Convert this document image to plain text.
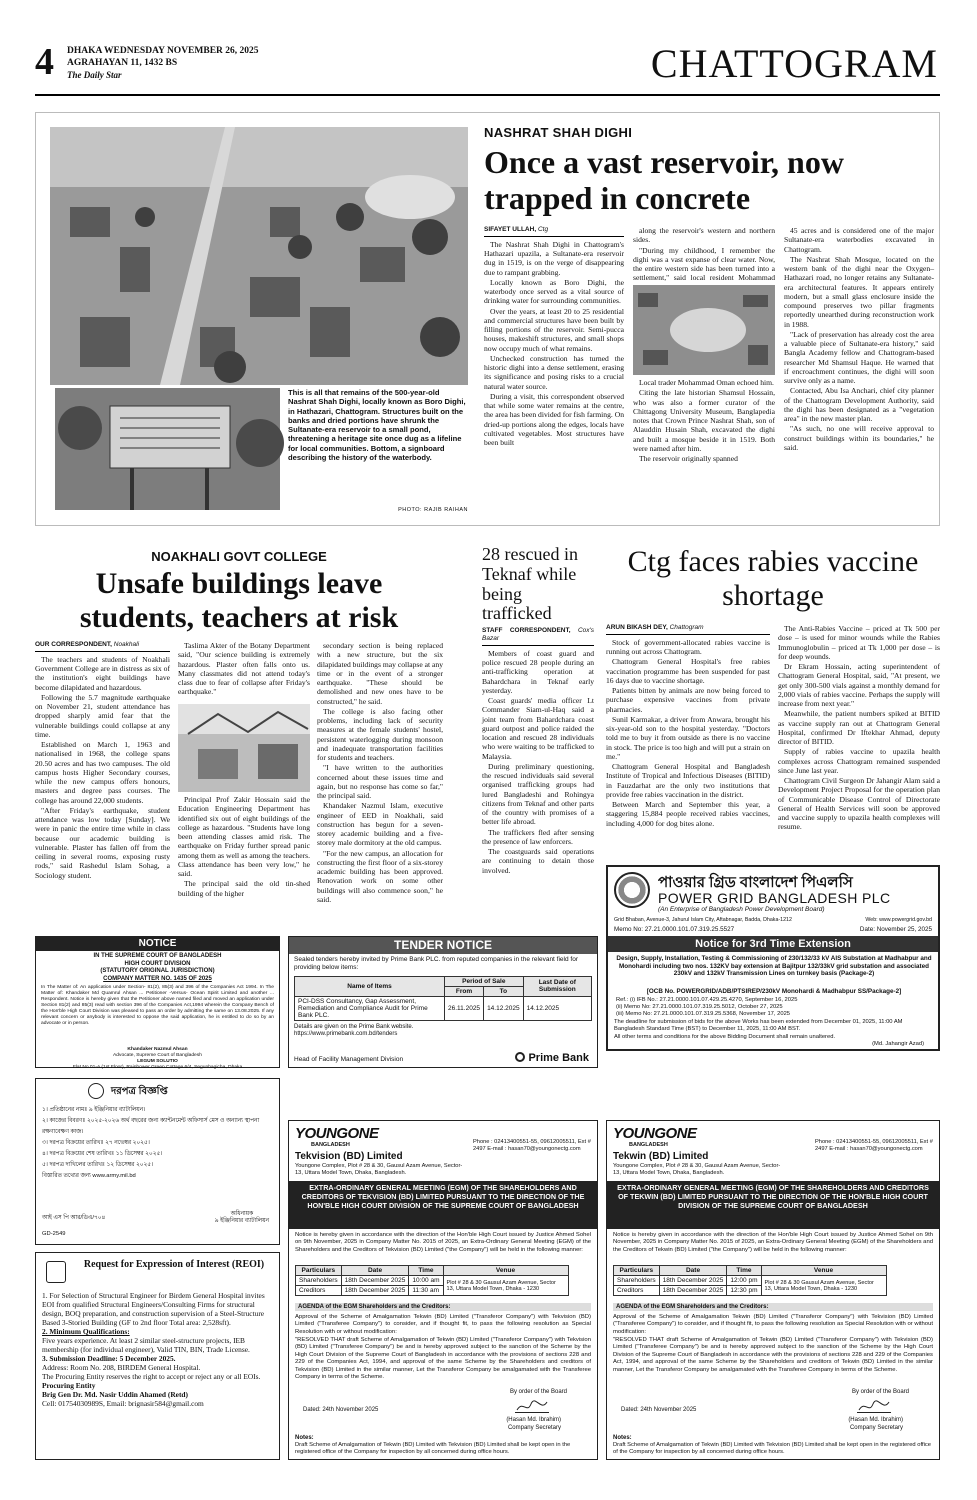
4 DHAKA WEDNESDAY NOVEMBER 26, 2025
AGRAHAYAN 11, 1432 BS
The Daily Star	CHATTOGRAM
This is all that remains of the 500-year-old Nashrat Shah Dighi, locally known as Boro Dighi, in Hathazari, Chattogram. Structures built on the banks and dried portions have shrunk the Sultanate-era reservoir to a small pond, threatening a heritage site once dug as a lifeline for local communities. Bottom, a signboard describing the history of the waterbody.
PHOTO: RAJIB RAIHAN
NASHRAT SHAH DIGHI
Once a vast reservoir, now trapped in concrete
SIFAYET ULLAH, Ctg

The Nashrat Shah Dighi in Chattogram's Hathazari upazila, a Sultanate-era reservoir dug in 1519, is on the verge of disappearing due to rampant grabbing.

Locally known as Boro Dighi, the waterbody once served as a vital source of drinking water for surrounding communities.

Over the years, at least 20 to 25 residential and commercial structures have been built by filling portions of the reservoir. Semi-pucca houses, makeshift structures, and small shops now occupy much of what remains.

Unchecked construction has turned the historic dighi into a dense settlement, erasing its significance and posing risks to a crucial natural water source.

During a visit, this correspondent observed that while some water remains at the centre, the area has been divided for fish farming. On dried-up portions along the edges, locals have cultivated vegetables. Most structures have been built

along the reservoir's western and northern sides.

"During my childhood, I remember the dighi was a vast expanse of clear water. Now, the entire western side has been turned into a settlement," said local resident Mohammad

Local trader Mohammad Oman echoed him.

Citing the late historian Shamsul Hossain, who was also a former curator of the Chittagong University Museum, Banglapedia notes that Crown Prince Nashrat Shah, son of Alauddin Husain Shah, excavated the dighi and built a mosque beside it in 1519. Both were named after him.

The reservoir originally spanned

45 acres and is considered one of the major Sultanate-era waterbodies excavated in Chattogram.

The Nashrat Shah Mosque, located on the western bank of the dighi near the Oxygen–Hathazari road, no longer retains any Sultanate-era architectural features. It appears entirely modern, but a small glass enclosure inside the compound preserves two pillar fragments reportedly unearthed during reconstruction work in 1988.

"Lack of preservation has already cost the area a valuable piece of Sultanate-era history," said Bangla Academy fellow and Chattogram-based researcher Md Shamsul Haque. He warned that if encroachment continues, the dighi will soon survive only as a name.

Contacted, Abu Isa Anchari, chief city planner of the Chattogram Development Authority, said the dighi has been designated as a "vegetation area" in the new master plan.

"As such, no one will receive approval to construct buildings within its boundaries," he said.

NOAKHALI GOVT COLLEGE
Unsafe buildings leave students, teachers at risk
OUR CORRESPONDENT, Noakhali

The teachers and students of Noakhali Government College are in distress as six of the institution's eight buildings have become dilapidated and hazardous.

Following the 5.7 magnitude earthquake on November 21, student attendance has dropped sharply amid fear that the vulnerable buildings could collapse at any time.

Established on March 1, 1963 and nationalised in 1968, the college spans 20.50 acres and has two campuses. The old campus hosts Higher Secondary courses, while the new campus offers honours, masters and degree pass courses. The college has around 22,000 students.

"After Friday's earthquake, student attendance was low today [Sunday]. We were in panic the entire time while in class because our academic building is vulnerable. Plaster has fallen off from the ceiling in several rooms, exposing rusty rods," said Rashedul Islam Sohag, a Sociology student.

Taslima Akter of the Botany Department said, "Our science building is extremely hazardous. Plaster often falls onto us. Many classmates did not attend today's class due to fear of collapse after Friday's earthquake."

Principal Prof Zakir Hossain said the Education Engineering Department has identified six out of eight buildings of the college as hazardous. "Students have long been attending classes amid risk. The earthquake on Friday further spread panic among them as well as among the teachers. Class attendance has been very low," he said.

The principal said the old tin-shed building of the higher

secondary section is being replaced with a new structure, but the six dilapidated buildings may collapse at any time or in the event of a stronger earthquake. "These should be demolished and new ones have to be constructed," he said.

The college is also facing other problems, including lack of security measures at the female students' hostel, persistent waterlogging during monsoon and inadequate transportation facilities for students and teachers.

"I have written to the authorities concerned about these issues time and again, but no response has come so far," the principal said.

Khandaker Nazmul Islam, executive engineer of EED in Noakhali, said construction has begun for a seven-storey academic building and a five-storey male dormitory at the old campus.

"For the new campus, an allocation for constructing the first floor of a six-storey academic building has been approved. Renovation work on some other buildings will also commence soon," he said.

28 rescued in Teknaf while being trafficked
STAFF CORRESPONDENT, Cox's Bazar

Members of coast guard and police rescued 28 people during an anti-trafficking operation at Bahardchara in Teknaf early yesterday.

Coast guards' media officer Lt Commander Siam-ul-Haq said a joint team from Bahardchara coast guard outpost and police raided the location and rescued 28 individuals who were waiting to be trafficked to Malaysia.

During preliminary questioning, the rescued individuals said several organised trafficking groups had lured Bangladeshi and Rohingya citizens from Teknaf and other parts of the country with promises of a better life abroad.

The traffickers fled after sensing the presence of law enforcers.

The coastguards said operations are continuing to detain those involved.

Ctg faces rabies vaccine shortage
ARUN BIKASH DEY, Chattogram

Stock of government-allocated rabies vaccine is running out across Chattogram.

Chattogram General Hospital's free rabies vaccination programme has been suspended for past 16 days due to vaccine shortage.

Patients bitten by animals are now being forced to purchase expensive vaccines from private pharmacies.

Sunil Karmakar, a driver from Anwara, brought his six-year-old son to the hospital yesterday. "Doctors told me to buy it from outside as there is no vaccine in stock. The price is too high and will put a strain on me."

Chattogram General Hospital and Bangladesh Institute of Tropical and Infectious Diseases (BITID) in Fauzdarhat are the only two institutions that provide free rabies vaccination in the district.

Between March and September this year, a staggering 15,884 people received rabies vaccines, including 4,000 for dog bites alone.

The Anti-Rabies Vaccine – priced at Tk 500 per dose – is used for minor wounds while the Rabies Immunoglobulin – priced at Tk 1,000 per dose – is for deep wounds.

Dr Ekram Hossain, acting superintendent of Chattogram General Hospital, said, "At present, we get only 300-500 vials against a monthly demand for 2,000 vials of rabies vaccine. Perhaps the supply will increase from next year."

Meanwhile, the patient numbers spiked at BITID as vaccine supply ran out at Chattogram General Hospital, confirmed Dr Iftekhar Ahmad, deputy director of BITID.

Supply of rabies vaccine to upazila health complexes across Chattogram remained suspended since June last year.

Chattogram Civil Surgeon Dr Jahangir Alam said a Development Project Proposal for the operation plan of Communicable Disease Control of Directorate General of Health Services will soon be approved and vaccine supply to upazila health complexes will resume.

পাওয়ার গ্রিড বাংলাদেশ পিএলসি
POWER GRID BANGLADESH PLC
(An Enterprise of Bangladesh Power Development Board)
Grid Bhaban, Avenue-3, Jahurul Islam City, Aftabnagar, Badda, Dhaka-1212	Web: www.powergrid.gov.bd
Memo No: 27.21.0000.101.07.319.25.5527	Date: November 25, 2025
Notice for 3rd Time Extension
Design, Supply, Installation, Testing & Commissioning of 230/132/33 kV AIS Substation at Madhabpur and Monohardi including two nos. 132KV bay extension at Bajitpur 132/33kV grid substation and associated 230kV and 132kV Transmission Lines on turnkey basis (Package-2)
[OCB No. POWERGRID/ADB/PTSIREP/230kV Monohardi & Madhabpur SS/Package-2]
Ref.: (i) IFB No.: 27.21.0000.101.07.429.25.4270, September 16, 2025
(ii) Memo No: 27.21.0000.101.07.319.25.5012, October 27, 2025
(iii) Memo No: 27.21.0000.101.07.319.25.5368, November 17, 2025
The deadline for submission of bids for the above Works has been extended from December 01, 2025, 11:00 AM Bangladesh Standard Time (BST) to December 11, 2025, 11:00 AM BST.
All other terms and conditions for the above Bidding Document shall remain unaltered.
(Md. Jahangir Azad)
NOTICE
IN THE SUPREME COURT OF BANGLADESH
HIGH COURT DIVISION
(STATUTORY ORIGINAL JURISDICTION)
COMPANY MATTER NO. 1435 OF 2025
In The Matter of: An application under Section- 81(2), 85(3) and 396 of the Companies Act 1994. In The Matter of: Khandaker Md Quamrul Ahsan ... Petitioner -Versus- Ocean Spirit Limited and another ... Respondent. Notice is hereby given that the Petitioner above named filed and moved an application under Section 81(2) and 85(3) read with section 396 of the Companies Act,1994 wherein the Company Bench of the Hon'ble High Court Division was pleased to pass an order by admitting the same on 13.08.2025. If any relevant concern or anybody is interested to oppose the said application, he is entitled to do so by an advocate or in person.
Khandaker Nazmul Ahsan
Advocate, Supreme Court of Bangladesh
LEGUM SOLUTIO
Flat No.01-A (1st Floor), Rainbower Green Cottage 6/4, Segunbagicha, Dhaka
TENDER NOTICE
Sealed tenders hereby invited by Prime Bank PLC. from reputed companies in the relevant field for providing below items:
Name of Items	Period of Sale		Last Date of Submission
	From	To	
PCI-DSS Consultancy, Gap Assessment, Remediation and Compliance Audit for Prime Bank PLC.	26.11.2025	14.12.2025	14.12.2025
Details are given on the Prime Bank website. https://www.primebank.com.bd/tenders
Head of Facility Management Division	Prime Bank
দরপত্র বিজ্ঞপ্তি
১। প্রতিষ্ঠানের নামঃ ৯ ইঞ্জিনিয়ার ব্যাটালিয়ন।
২। কাজের বিবরণঃ ২০২৫-২০২৬ অর্থ বছরের জন্য ক্যান্টনমেন্ট অফিসার্স মেস ও অন্যান্য স্থাপনা রক্ষণাবেক্ষণ কাজ।
৩। দরপত্র বিক্রয়ের তারিখঃ ২৭ নভেম্বর ২০২৫।
৪। দরপত্র বিক্রয়ের শেষ তারিখঃ ১১ ডিসেম্বর ২০২৫।
৫। দরপত্র দাখিলের তারিখঃ ১২ ডিসেম্বর ২০২৫।
বিস্তারিত তথ্যের জন্য www.army.mil.bd
আই এস পি আর/ডিএ/৭০৪
GD-2549
অধিনায়ক
৯ ইঞ্জিনিয়ার ব্যাটালিয়ন
Request for Expression of Interest (REOI)
1. For Selection of Structural Engineer for Birdem General Hospital invites EOI from qualified Structural Engineers/Consulting Firms for structural design, BOQ preparation, and construction supervision of a Steel-Structure Based 3-Storied Building (GF to 2nd floor Total area: 2,528sft).
2. Minimum Qualifications:
Five years experience. At least 2 similar steel-structure projects, IEB membership (for individual engineer), Valid TIN, BIN, Trade License.
3. Submission Deadline: 5 December 2025.
Address: Room No. 208, BIRDEM General Hospital.
The Procuring Entity reserves the right to accept or reject any or all EOIs.
Procuring Entity
Brig Gen Dr. Md. Nasir Uddin Ahamed (Retd)
Cell: 01754030989S, Email: brignasir584@gmail.com
YOUNGONE
BANGLADESH
Tekvision (BD) Limited
Youngone Complex, Plot # 28 & 30, Gausul Azam Avenue, Sector- 13, Uttara Model Town, Dhaka, Bangladesh.
Phone : 02413400551-55, 09612005511, Ext # 2497 E-mail : hasan70@youngonectg.com
EXTRA-ORDINARY GENERAL MEETING (EGM) OF THE SHAREHOLDERS AND CREDITORS OF TEKVISION (BD) LIMITED PURSUANT TO THE DIRECTION OF THE HON'BLE HIGH COURT DIVISION OF THE SUPREME COURT OF BANGLADESH
Notice is hereby given in accordance with the direction of the Hon'ble High Court issued by Justice Ahmed Sohel on 9th November, 2025 in Company Matter No. 2015 of 2025, an Extra-Ordinary General Meeting (EGM) of the Shareholders and the Creditors of Tekvision (BD) Limited ("the Company") will be held in the following manner:
Particulars	Date	Time	Venue
Shareholders	18th December 2025	10:00 am	Plot # 28 & 30 Gausul Azam Avenue, Sector 13, Uttara Model Town, Dhaka - 1230
Creditors	18th December 2025	11:30 am	
AGENDA of the EGM Shareholders and the Creditors:
Approval of the Scheme of Amalgamation Tekwin (BD) Limited ("Transferor Company") with Tekvision (BD) Limited ("Transferee Company") to consider, and if thought fit, to pass the following resolution as Special Resolution with or without modification:
"RESOLVED THAT draft Scheme of Amalgamation of Tekwin (BD) Limited ("Transferor Company") with Tekvision (BD) Limited ("Transferee Company") be and is hereby approved subject to the sanction of the Scheme by the High Court Division of the Supreme Court of Bangladesh in accordance with the provisions of sections 228 and 229 of the Companies Act, 1994, and approval of the same Scheme by the Shareholders and creditors of Tekvision (BD) Limited in the similar manner, Let the Transferor Company be amalgamated with the Transferee Company in terms of the Scheme.
By order of the Board
Dated: 24th November 2025
(Hasan Md. Ibrahim)
Company Secretary
Notes:
Draft Scheme of Amalgamation of Tekwin (BD) Limited with Tekvision (BD) Limited shall be kept open in the registered office of the Company for inspection by all concerned during office hours.
YOUNGONE
BANGLADESH
Tekwin (BD) Limited
Youngone Complex, Plot # 28 & 30, Gausul Azam Avenue, Sector- 13, Uttara Model Town, Dhaka, Bangladesh.
Phone : 02413400551-55, 09612005511, Ext # 2497 E-mail : hasan70@youngonectg.com
EXTRA-ORDINARY GENERAL MEETING (EGM) OF THE SHAREHOLDERS AND CREDITORS OF TEKWIN (BD) LIMITED PURSUANT TO THE DIRECTION OF THE HON'BLE HIGH COURT DIVISION OF THE SUPREME COURT OF BANGLADESH
Notice is hereby given in accordance with the direction of the Hon'ble High Court issued by Justice Ahmed Sohel on 9th November, 2025 in Company Matter No. 2015 of 2025, an Extra-Ordinary General Meeting (EGM) of the Shareholders and the Creditors of Tekwin (BD) Limited ("the Company") will be held in the following manner:
Particulars	Date	Time	Venue
Shareholders	18th December 2025	12:00 pm	Plot # 28 & 30 Gausul Azam Avenue, Sector 13, Uttara Model Town, Dhaka - 1230
Creditors	18th December 2025	12:30 pm	
AGENDA of the EGM Shareholders and the Creditors:
Approval of the Scheme of Amalgamation Tekwin (BD) Limited ("Transferor Company") with Tekvision (BD) Limited ("Transferee Company") to consider, and if thought fit, to pass the following resolution as Special Resolution with or without modification:
"RESOLVED THAT draft Scheme of Amalgamation of Tekwin (BD) Limited ("Transferor Company") with Tekvision (BD) Limited ("Transferee Company") be and is hereby approved subject to the sanction of the Scheme by the High Court Division of the Supreme Court of Bangladesh in accordance with the provisions of sections 228 and 229 of the Companies Act, 1994, and approval of the same Scheme by the Shareholders and creditors of Tekwin (BD) Limited in the similar manner, Let the Transferor Company be amalgamated with the Transferee Company in terms of the Scheme.
By order of the Board
Dated: 24th November 2025
(Hasan Md. Ibrahim)
Company Secretary
Notes:
Draft Scheme of Amalgamation of Tekwin (BD) Limited with Tekvision (BD) Limited shall be kept open in the registered office of the Company for inspection by all concerned during office hours.
